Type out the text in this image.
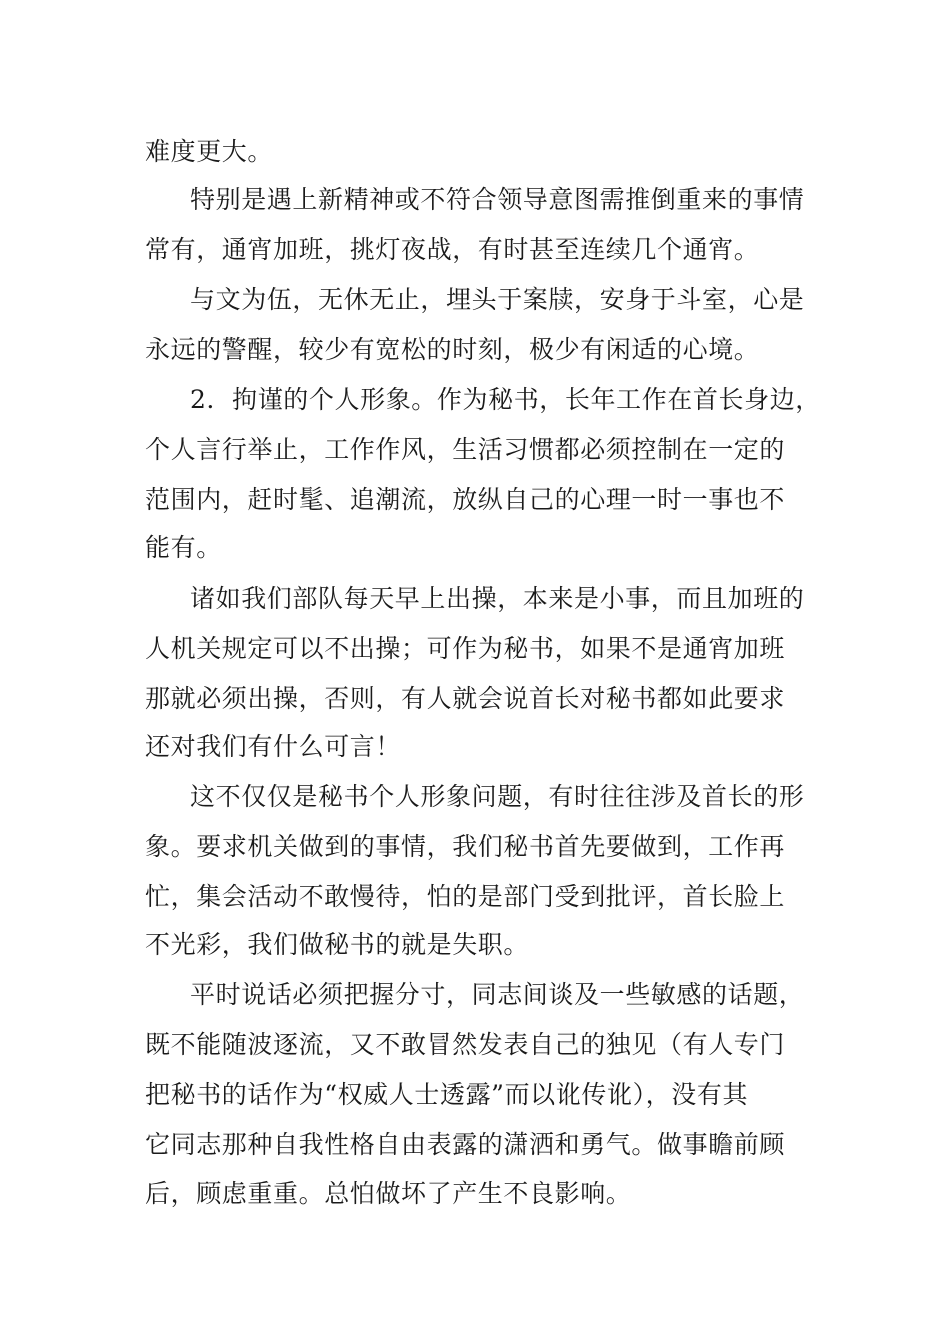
难度更大。

特别是遇上新精神或不符合领导意图需推倒重来的事情

常有，通宵加班，挑灯夜战，有时甚至连续几个通宵。

与文为伍，无休无止，埋头于案牍，安身于斗室，心是

永远的警醒，较少有宽松的时刻，极少有闲适的心境。

2．拘谨的个人形象。作为秘书，长年工作在首长身边，

个人言行举止，工作作风，生活习惯都必须控制在一定的

范围内，赶时髦、追潮流，放纵自己的心理一时一事也不

能有。

诸如我们部队每天早上出操，本来是小事，而且加班的

人机关规定可以不出操；可作为秘书，如果不是通宵加班

那就必须出操，否则，有人就会说首长对秘书都如此要求

还对我们有什么可言！

这不仅仅是秘书个人形象问题，有时往往涉及首长的形

象。要求机关做到的事情，我们秘书首先要做到，工作再

忙，集会活动不敢慢待，怕的是部门受到批评，首长脸上

不光彩，我们做秘书的就是失职。

平时说话必须把握分寸，同志间谈及一些敏感的话题，

既不能随波逐流，又不敢冒然发表自己的独见（有人专门

把秘书的话作为“权威人士透露”而以讹传讹），没有其

它同志那种自我性格自由表露的潇洒和勇气。做事瞻前顾

后，顾虑重重。总怕做坏了产生不良影响。
